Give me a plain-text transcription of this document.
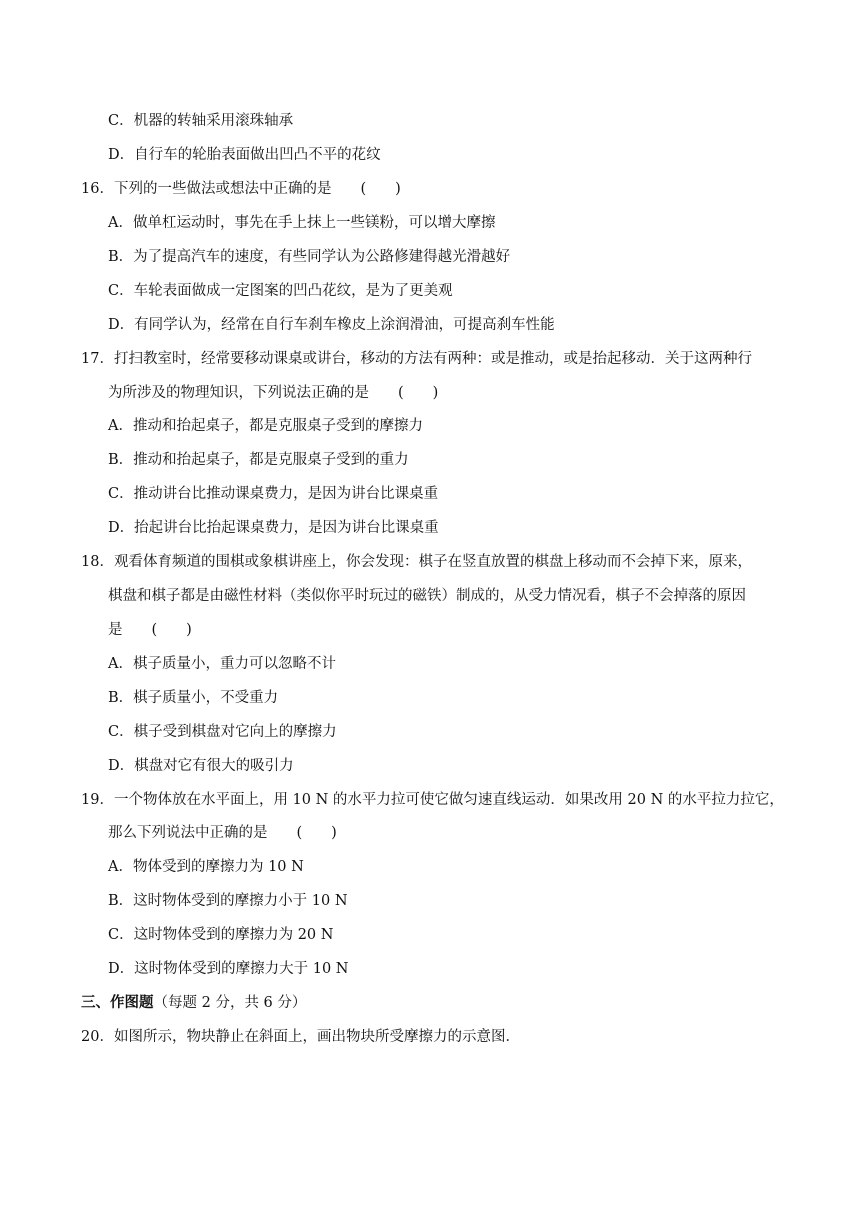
C．机器的转轴采用滚珠轴承
D．自行车的轮胎表面做出凹凸不平的花纹
16．下列的一些做法或想法中正确的是　　(　　)
A．做单杠运动时，事先在手上抹上一些镁粉，可以增大摩擦
B．为了提高汽车的速度，有些同学认为公路修建得越光滑越好
C．车轮表面做成一定图案的凹凸花纹，是为了更美观
D．有同学认为，经常在自行车刹车橡皮上涂润滑油，可提高刹车性能
17．打扫教室时，经常要移动课桌或讲台，移动的方法有两种：或是推动，或是抬起移动．关于这两种行
为所涉及的物理知识，下列说法正确的是　　(　　)
A．推动和抬起桌子，都是克服桌子受到的摩擦力
B．推动和抬起桌子，都是克服桌子受到的重力
C．推动讲台比推动课桌费力，是因为讲台比课桌重
D．抬起讲台比抬起课桌费力，是因为讲台比课桌重
18．观看体育频道的围棋或象棋讲座上，你会发现：棋子在竖直放置的棋盘上移动而不会掉下来，原来，
棋盘和棋子都是由磁性材料（类似你平时玩过的磁铁）制成的，从受力情况看，棋子不会掉落的原因
是　　(　　)
A．棋子质量小，重力可以忽略不计
B．棋子质量小，不受重力
C．棋子受到棋盘对它向上的摩擦力
D．棋盘对它有很大的吸引力
19．一个物体放在水平面上，用 10 N 的水平力拉可使它做匀速直线运动．如果改用 20 N 的水平拉力拉它，
那么下列说法中正确的是　　(　　)
A．物体受到的摩擦力为 10 N
B．这时物体受到的摩擦力小于 10 N
C．这时物体受到的摩擦力为 20 N
D．这时物体受到的摩擦力大于 10 N
三、作图题（每题 2 分，共 6 分）
20．如图所示，物块静止在斜面上，画出物块所受摩擦力的示意图．
